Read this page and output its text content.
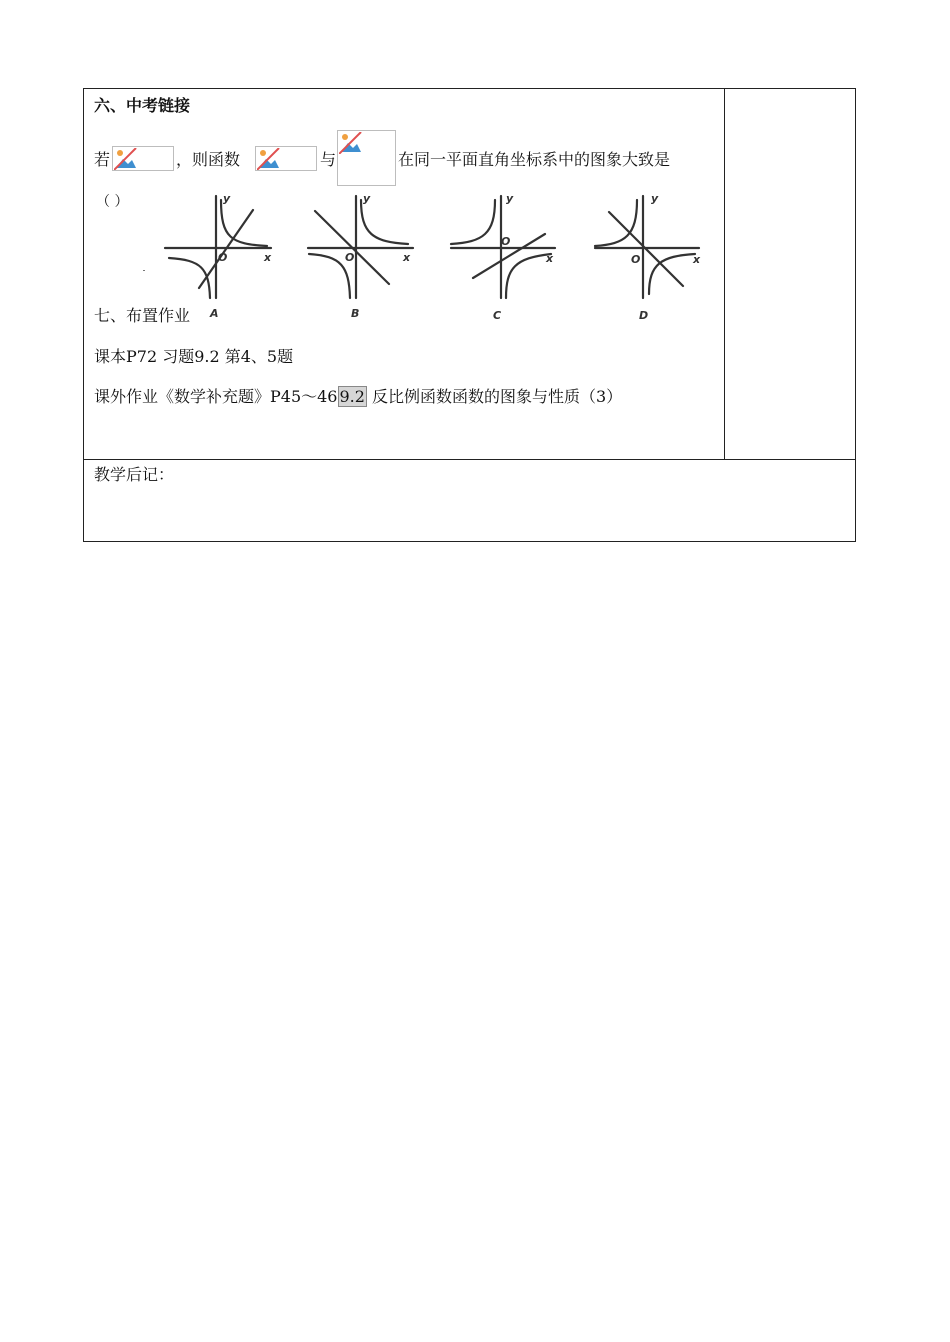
六、中考链接
若	，则函数	与	在同一平面直角坐标系中的图象大致是
（ ）	y
x
O
A
y
x
O
B
y
x
O
C
y
x
O
D
七、布置作业
课本P72 习题9.2 第4、5题
课外作业《数学补充题》P45～46 9.2 反比例函数函数的图象与性质（3）
教学后记：
